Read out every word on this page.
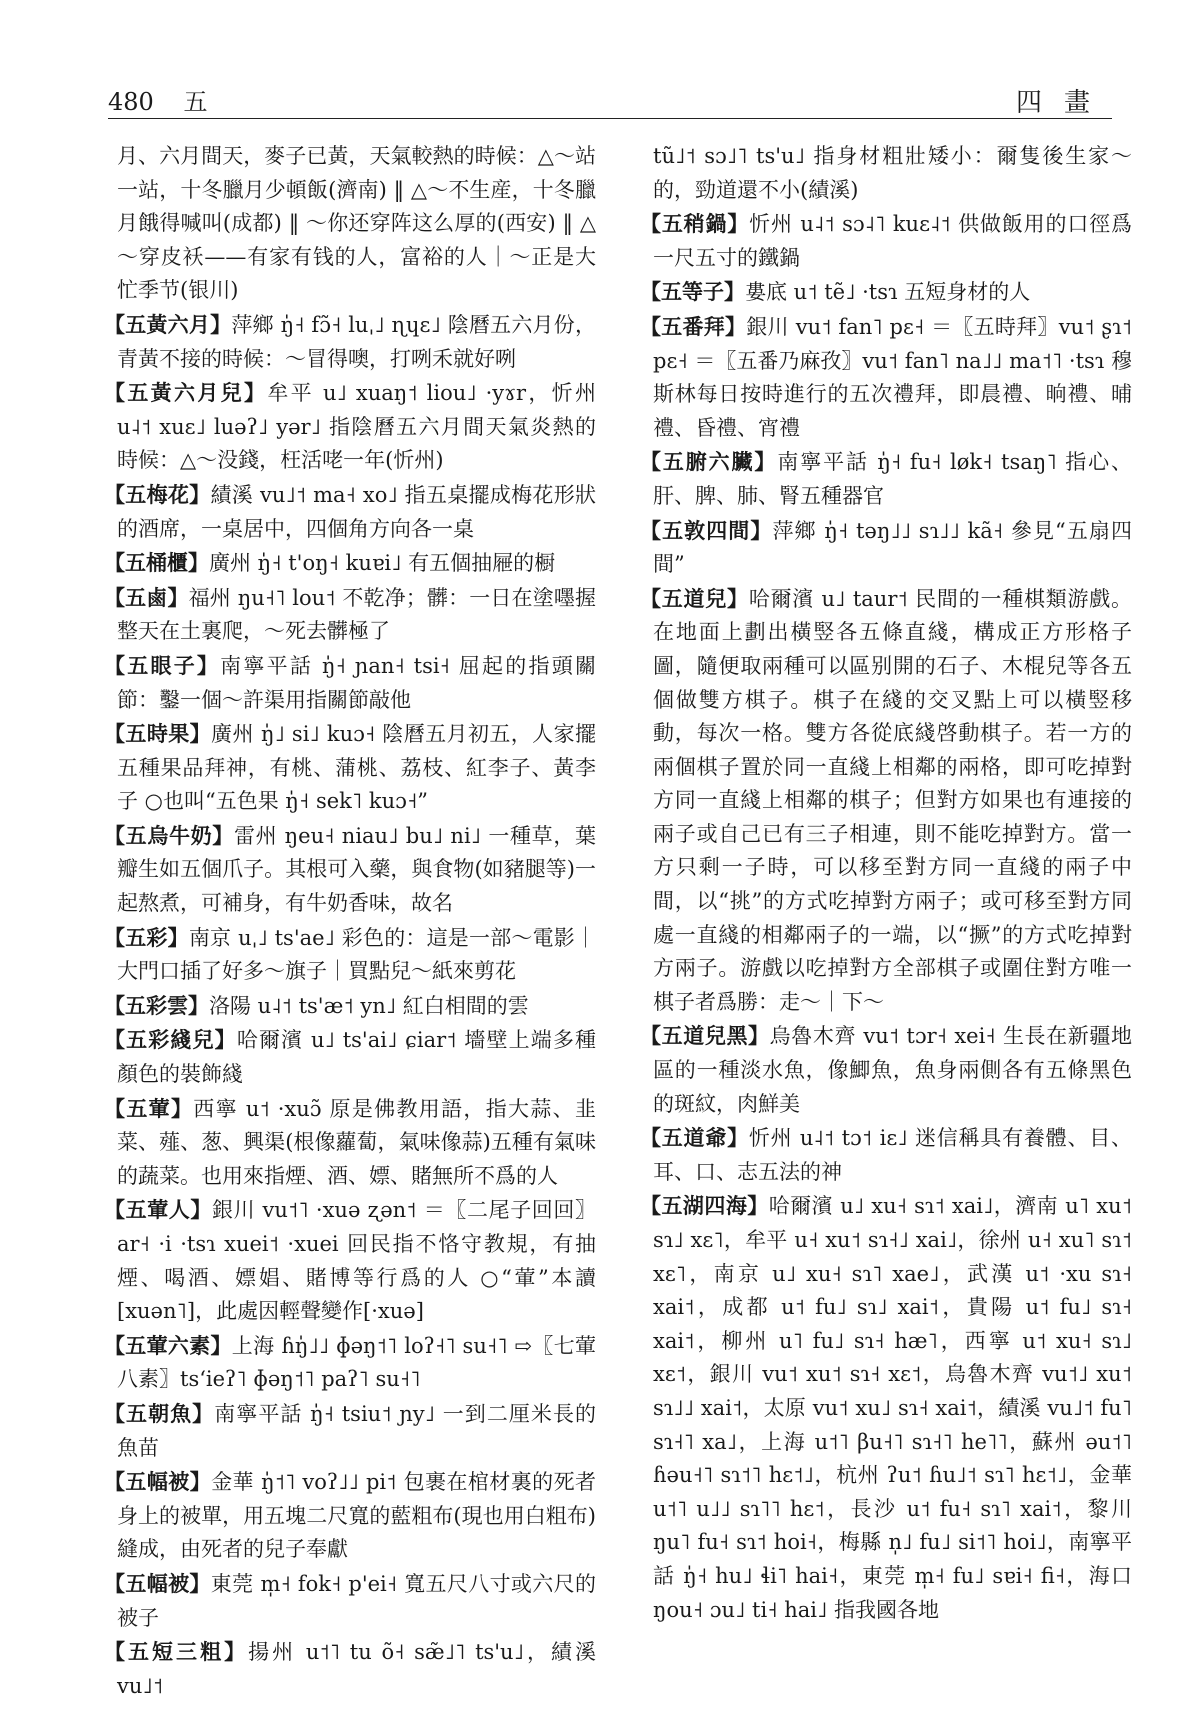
480 五	四畫

月、六月間天，麥子已黃，天氣較熱的時候：△～站一站，十冬臘月少頓飯(濟南) ‖ △～不生産，十冬臘月餓得喊叫(成都) ‖ ～你还穿阵这么厚的(西安) ‖ △～穿皮袄——有家有钱的人，富裕的人｜～正是大忙季节(银川)

【五黃六月】萍鄉 ŋ̍˧ fɔ̃˧ luˌ˩ ɳɥɛ˩ 陰曆五六月份，青黃不接的時候：～冒得噢，打咧禾就好咧

【五黃六月兒】牟平 u˩ xuaŋ˦ liou˩ ·yɤr，忻州 u˨˦ xuɛ˩ luəʔ˩ yər˩ 指陰曆五六月間天氣炎熱的時候：△～没錢，枉活咾一年(忻州)

【五梅花】績溪 vu˩˦ ma˧ xo˩ 指五桌擺成梅花形狀的酒席，一桌居中，四個角方向各一桌

【五桶櫃】廣州 ŋ̍˧ t'oŋ˧ kuɐi˩ 有五個抽屜的橱

【五鹵】福州 ŋu˧˥ lou˦ 不乾净；髒：一日在塗嚜握整天在土裏爬，～死去髒極了

【五眼子】南寧平話 ŋ̍˧ ɲan˧ tsi˧ 屈起的指頭關節：鑿一個～許渠用指關節敲他

【五時果】廣州 ŋ̍˩ si˩ kuɔ˧ 陰曆五月初五，人家擺五種果品拜神，有桃、蒲桃、荔枝、紅李子、黃李子 ○也叫“五色果 ŋ̍˧ sek˥ kuɔ˧”

【五烏牛奶】雷州 ŋeu˧ niau˩ bu˩ ni˩ 一種草，葉瓣生如五個爪子。其根可入藥，與食物(如豬腿等)一起熬煮，可補身，有牛奶香味，故名

【五彩】南京 uˌ˩ ts'ae˩ 彩色的：這是一部～電影｜大門口插了好多～旗子｜買點兒～紙來剪花

【五彩雲】洛陽 u˨˦ ts'æ˦ yn˩ 紅白相間的雲

【五彩綫兒】哈爾濱 u˩ ts'ai˩ ɕiar˦ 墻壁上端多種顏色的裝飾綫

【五葷】西寧 u˦ ·xuɔ̃ 原是佛教用語，指大蒜、韭菜、薤、葱、興渠(根像蘿蔔，氣味像蒜)五種有氣味的蔬菜。也用來指煙、酒、嫖、賭無所不爲的人

【五葷人】銀川 vu˦˥ ·xuə ʐən˦ ＝〖二尾子回回〗 ar˧ ·i ·tsɿ xuei˦ ·xuei 回民指不恪守教規，有抽煙、喝酒、嫖娼、賭博等行爲的人 ○“葷”本讀[xuən˥]，此處因輕聲變作[·xuə]

【五葷六素】上海 ɦŋ̍˩˩ ɸəŋ˦˥ loʔ˧˥ su˧˥ ⇨〖七葷八素〗tsʻieʔ˥ ɸəŋ˦˥ paʔ˥ su˧˥

【五朝魚】南寧平話 ŋ̍˧ tsiu˦ ɲy˩ 一到二厘米長的魚苗

【五幅被】金華 ŋ̍˦˥ voʔ˩˩ pi˦ 包裹在棺材裏的死者身上的被單，用五塊二尺寬的藍粗布(現也用白粗布)縫成，由死者的兒子奉獻

【五幅被】東莞 m̩˧ fok˧ p'ei˧ 寬五尺八寸或六尺的被子

【五短三粗】揚州 u˦˥ tu õ˧ sæ̃˩˥ ts'u˩，績溪 vu˩˦

tũ˩˦ sɔ˩˥ ts'u˩ 指身材粗壯矮小：爾隻後生家～的，勁道還不小(績溪)

【五稍鍋】忻州 u˨˦ sɔ˨˥ kuɛ˨˦ 供做飯用的口徑爲一尺五寸的鐵鍋

【五等子】婁底 u˦ tẽ˩ ·tsɿ 五短身材的人

【五番拜】銀川 vu˦ fan˥ pɛ˧ ＝〖五時拜〗vu˦ ʂɿ˦ pɛ˧ ＝〖五番乃麻孜〗vu˦ fan˥ na˩˩ ma˦˥ ·tsɿ 穆斯林每日按時進行的五次禮拜，即晨禮、晌禮、晡禮、昏禮、宵禮

【五腑六臟】南寧平話 ŋ̍˧ fu˧ løk˧ tsaŋ˥ 指心、肝、脾、肺、腎五種器官

【五敦四間】萍鄉 ŋ̍˧ təŋ˩˩ sɿ˩˩ kã˧ 參見“五扇四間”

【五道兒】哈爾濱 u˩ taur˦ 民間的一種棋類游戲。在地面上劃出橫竪各五條直綫，構成正方形格子圖，隨便取兩種可以區别開的石子、木棍兒等各五個做雙方棋子。棋子在綫的交叉點上可以橫竪移動，每次一格。雙方各從底綫啓動棋子。若一方的兩個棋子置於同一直綫上相鄰的兩格，即可吃掉對方同一直綫上相鄰的棋子；但對方如果也有連接的兩子或自己已有三子相連，則不能吃掉對方。當一方只剩一子時，可以移至對方同一直綫的兩子中間，以“挑”的方式吃掉對方兩子；或可移至對方同處一直綫的相鄰兩子的一端，以“撅”的方式吃掉對方兩子。游戲以吃掉對方全部棋子或圍住對方唯一棋子者爲勝：走～｜下～

【五道兒黑】烏魯木齊 vu˦ tɔr˧ xei˧ 生長在新疆地區的一種淡水魚，像鯽魚，魚身兩側各有五條黑色的斑紋，肉鮮美

【五道爺】忻州 u˨˦ tɔ˦ iɛ˩ 迷信稱具有養體、目、耳、口、志五法的神

【五湖四海】哈爾濱 u˩ xu˧ sɿ˦ xai˩，濟南 u˥ xu˦ sɿ˩ xɛ˥，牟平 u˧ xu˦ sɿ˧˩ xai˩，徐州 u˧ xu˥ sɿ˦ xɛ˥，南京 u˩ xu˧ sɿ˥ xae˩，武漢 u˦ ·xu sɿ˧ xai˦，成都 u˦ fu˩ sɿ˩ xai˦，貴陽 u˦ fu˩ sɿ˧ xai˦，柳州 u˥ fu˩ sɿ˧ hæ˥，西寧 u˦ xu˧ sɿ˩ xɛ˦，銀川 vu˦ xu˦ sɿ˧ xɛ˦，烏魯木齊 vu˦˩ xu˦ sɿ˩˩ xai˦，太原 vu˦ xu˩ sɿ˧ xai˦，績溪 vu˩˦ fu˥ sɿ˧˥ xa˩，上海 u˦˥ βu˧˥ sɿ˧˥ he˥˥，蘇州 əu˦˥ ɦəu˧˥ sɿ˦˥ hɛ˦˩，杭州 ʔu˦ ɦu˩˦ sɿ˥ hɛ˦˩，金華 u˦˥ u˩˩ sɿ˥˥ hɛ˦，長沙 u˦ fu˧ sɿ˥ xai˦，黎川 ŋu˥ fu˧ sɿ˦ hoi˧，梅縣 n̩˩ fu˩ si˦˥ hoi˩，南寧平話 ŋ̍˧ hu˩ ɬi˥ hai˧，東莞 m̩˧ fu˩ sɐi˧ fi˧，海口 ŋou˧ ɔu˩ ti˧ hai˩ 指我國各地
